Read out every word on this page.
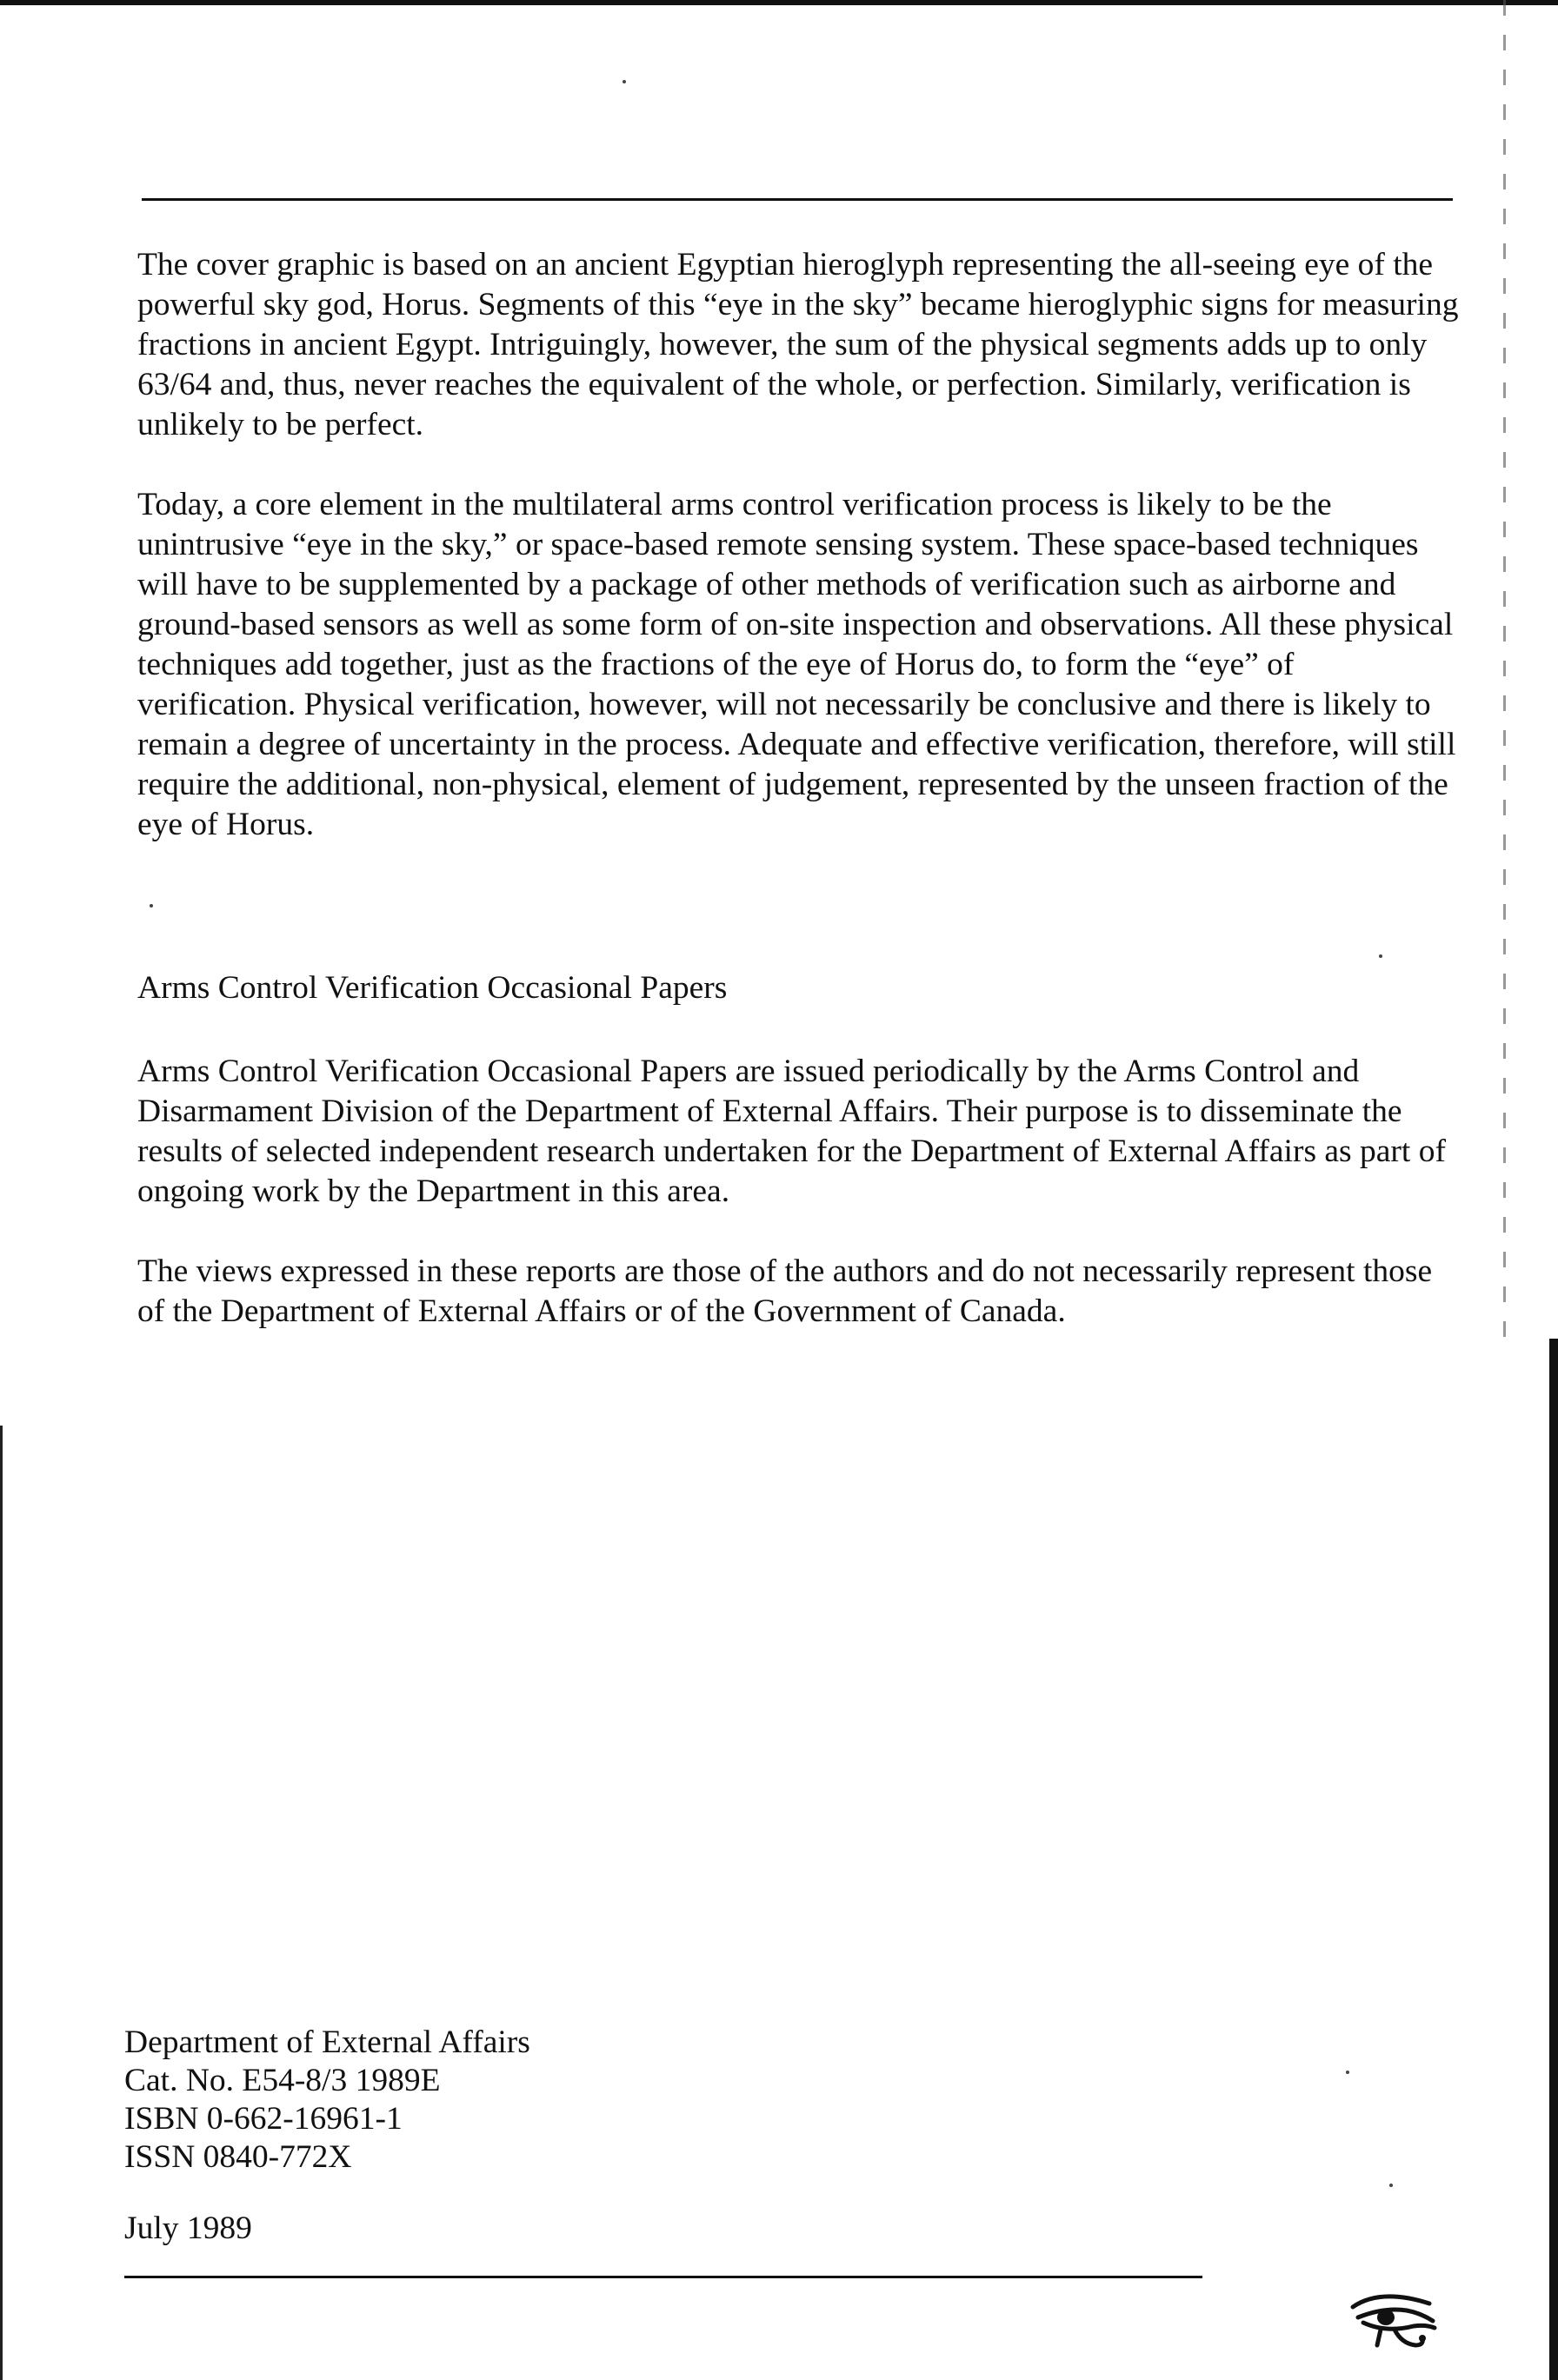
The cover graphic is based on an ancient Egyptian hieroglyph representing the all-seeing eye of the powerful sky god, Horus. Segments of this “eye in the sky” became hieroglyphic signs for measuring fractions in ancient Egypt. Intriguingly, however, the sum of the physical segments adds up to only 63/64 and, thus, never reaches the equivalent of the whole, or perfection. Similarly, verification is unlikely to be perfect.

Today, a core element in the multilateral arms control verification process is likely to be the unintrusive “eye in the sky,” or space-based remote sensing system. These space-based techniques will have to be supplemented by a package of other methods of verification such as airborne and ground-based sensors as well as some form of on-site inspection and observations. All these physical techniques add together, just as the fractions of the eye of Horus do, to form the “eye” of verification. Physical verification, however, will not necessarily be conclusive and there is likely to remain a degree of uncertainty in the process. Adequate and effective verification, therefore, will still require the additional, non-physical, element of judgement, represented by the unseen fraction of the eye of Horus.

Arms Control Verification Occasional Papers

Arms Control Verification Occasional Papers are issued periodically by the Arms Control and Disarmament Division of the Department of External Affairs. Their purpose is to disseminate the results of selected independent research undertaken for the Department of External Affairs as part of ongoing work by the Department in this area.

The views expressed in these reports are those of the authors and do not necessarily represent those of the Department of External Affairs or of the Government of Canada.

Department of External Affairs
Cat. No. E54-8/3 1989E
ISBN 0-662-16961-1
ISSN 0840-772X
July 1989
